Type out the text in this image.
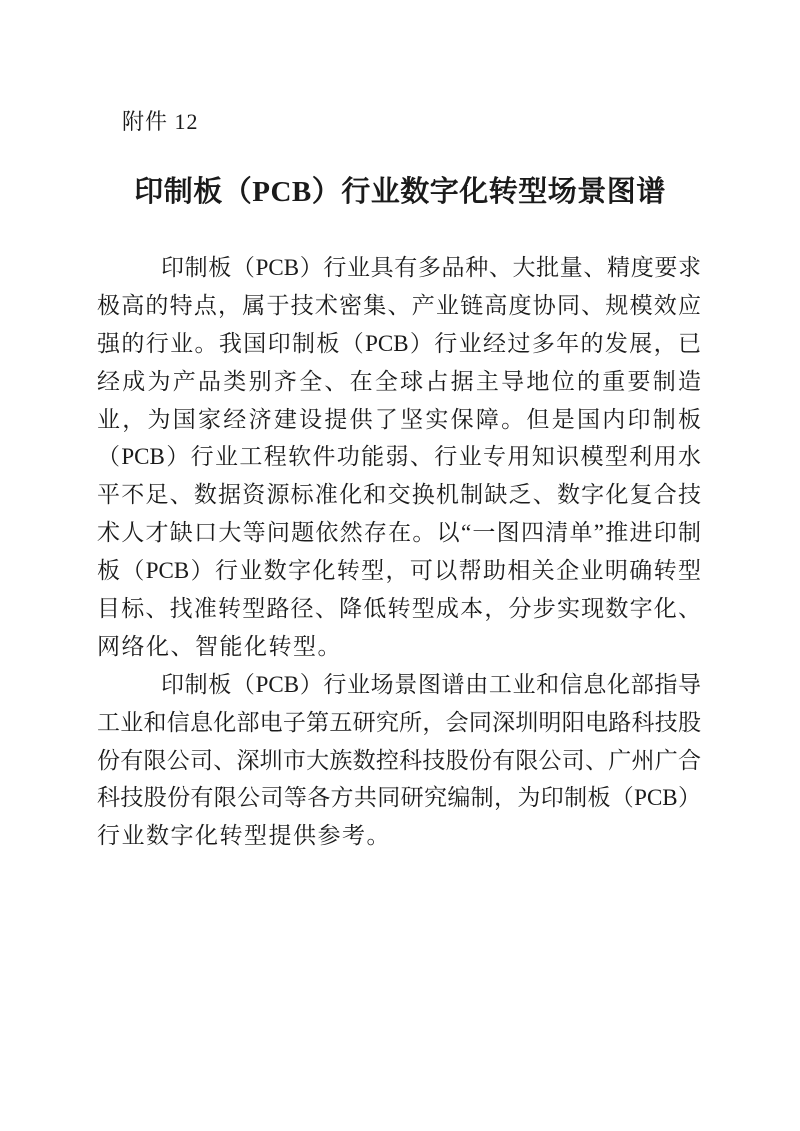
附件 12
印制板（PCB）行业数字化转型场景图谱
印制板（PCB）行业具有多品种、大批量、精度要求
极高的特点，属于技术密集、产业链高度协同、规模效应
强的行业。我国印制板（PCB）行业经过多年的发展，已
经成为产品类别齐全、在全球占据主导地位的重要制造
业，为国家经济建设提供了坚实保障。但是国内印制板
（PCB）行业工程软件功能弱、行业专用知识模型利用水
平不足、数据资源标准化和交换机制缺乏、数字化复合技
术人才缺口大等问题依然存在。以“一图四清单”推进印制
板（PCB）行业数字化转型，可以帮助相关企业明确转型
目标、找准转型路径、降低转型成本，分步实现数字化、
网络化、智能化转型。
印制板（PCB）行业场景图谱由工业和信息化部指导
工业和信息化部电子第五研究所，会同深圳明阳电路科技股
份有限公司、深圳市大族数控科技股份有限公司、广州广合
科技股份有限公司等各方共同研究编制，为印制板（PCB）
行业数字化转型提供参考。
